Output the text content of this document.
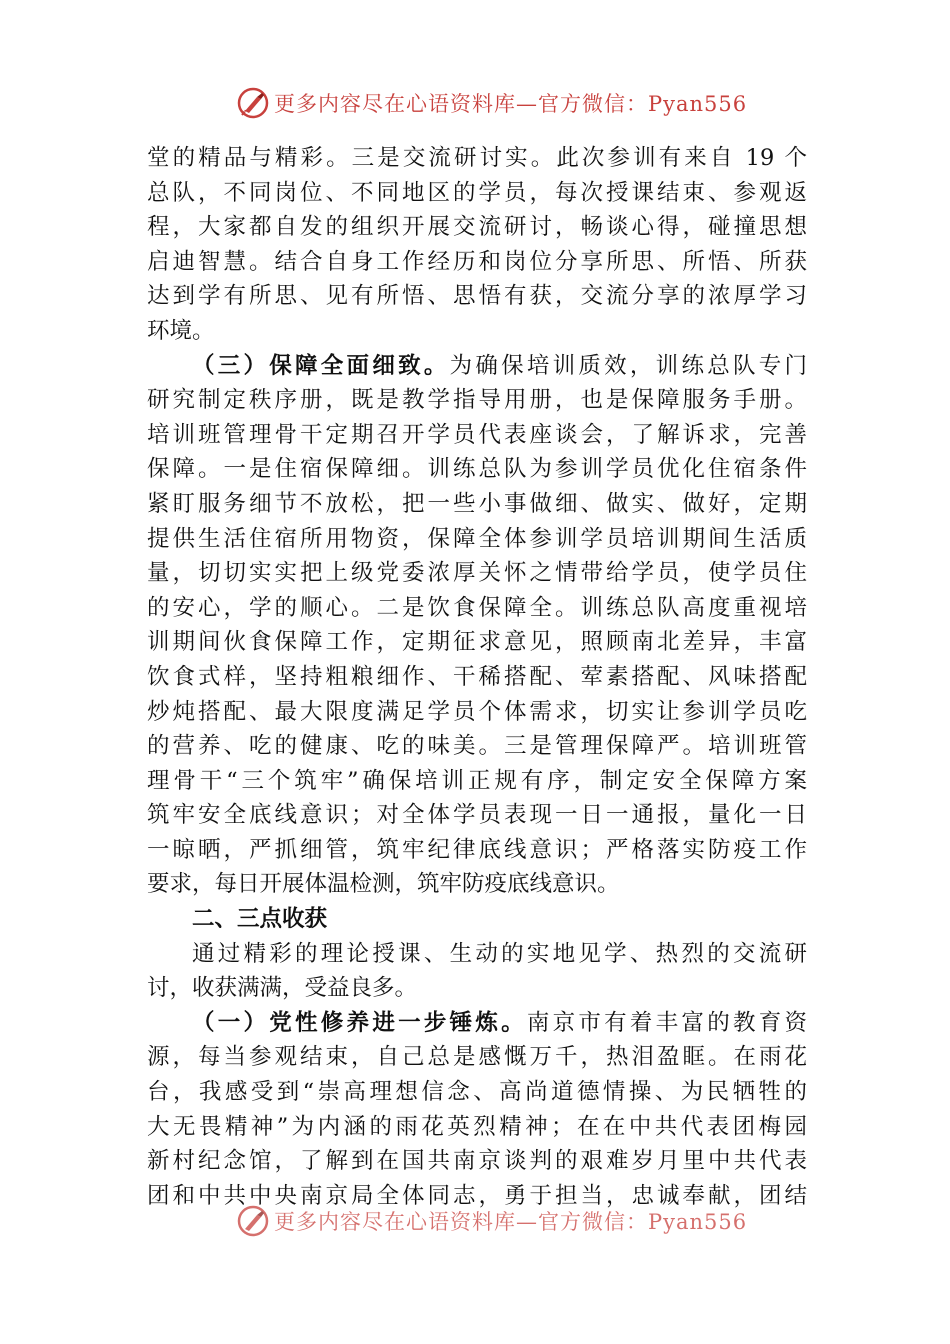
更多内容尽在心语资料库—官方微信：Pyan556
堂的精品与精彩。三是交流研讨实。此次参训有来自 19 个
总队，不同岗位、不同地区的学员，每次授课结束、参观返
程，大家都自发的组织开展交流研讨，畅谈心得，碰撞思想
启迪智慧。结合自身工作经历和岗位分享所思、所悟、所获
达到学有所思、见有所悟、思悟有获，交流分享的浓厚学习
环境。
（三）保障全面细致。为确保培训质效，训练总队专门
研究制定秩序册，既是教学指导用册，也是保障服务手册。
培训班管理骨干定期召开学员代表座谈会，了解诉求，完善
保障。一是住宿保障细。训练总队为参训学员优化住宿条件
紧盯服务细节不放松，把一些小事做细、做实、做好，定期
提供生活住宿所用物资，保障全体参训学员培训期间生活质
量，切切实实把上级党委浓厚关怀之情带给学员，使学员住
的安心，学的顺心。二是饮食保障全。训练总队高度重视培
训期间伙食保障工作，定期征求意见，照顾南北差异，丰富
饮食式样，坚持粗粮细作、干稀搭配、荤素搭配、风味搭配
炒炖搭配、最大限度满足学员个体需求，切实让参训学员吃
的营养、吃的健康、吃的味美。三是管理保障严。培训班管
理骨干“三个筑牢”确保培训正规有序，制定安全保障方案
筑牢安全底线意识；对全体学员表现一日一通报，量化一日
一晾晒，严抓细管，筑牢纪律底线意识；严格落实防疫工作
要求，每日开展体温检测，筑牢防疫底线意识。
二、三点收获
通过精彩的理论授课、生动的实地见学、热烈的交流研
讨，收获满满，受益良多。
（一）党性修养进一步锤炼。南京市有着丰富的教育资
源，每当参观结束，自己总是感慨万千，热泪盈眶。在雨花
台，我感受到“崇高理想信念、高尚道德情操、为民牺牲的
大无畏精神”为内涵的雨花英烈精神；在在中共代表团梅园
新村纪念馆，了解到在国共南京谈判的艰难岁月里中共代表
团和中共中央南京局全体同志，勇于担当，忠诚奉献，团结
更多内容尽在心语资料库—官方微信：Pyan556
